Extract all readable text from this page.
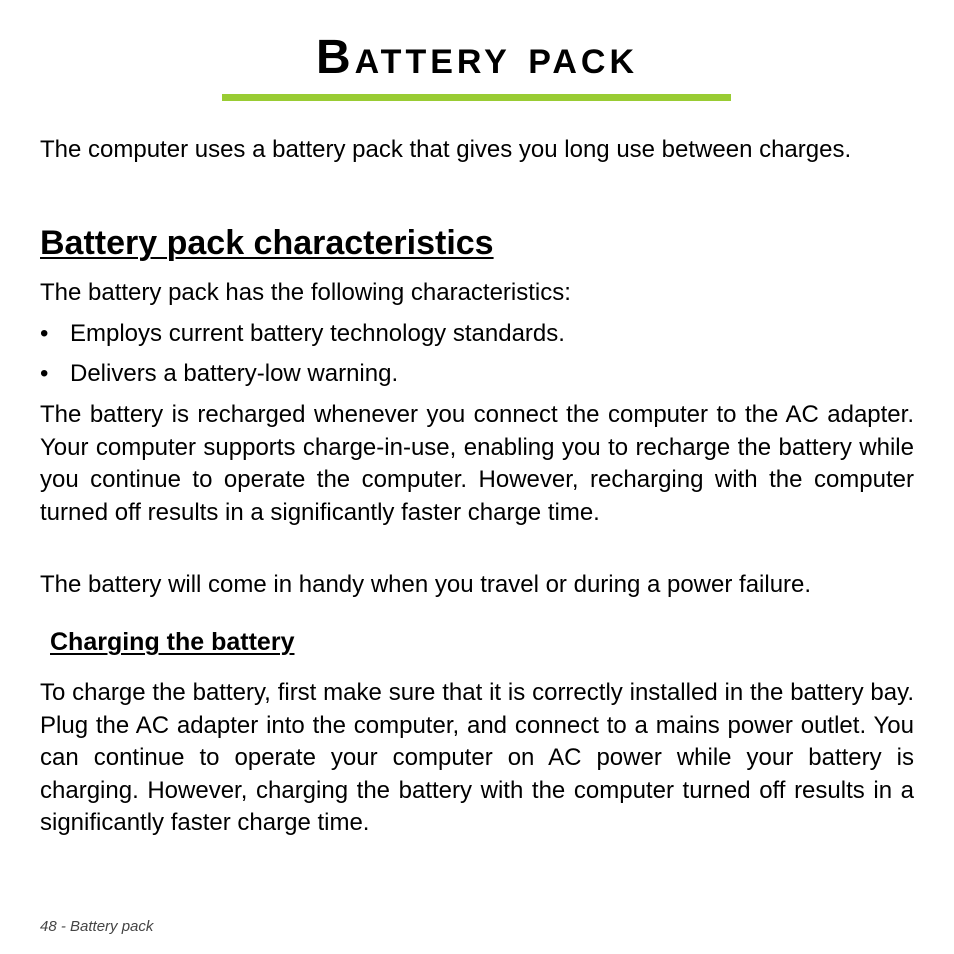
Battery pack

The computer uses a battery pack that gives you long use between charges.

Battery pack characteristics

The battery pack has the following characteristics:

• Employs current battery technology standards.
• Delivers a battery-low warning.

The battery is recharged whenever you connect the computer to the AC adapter. Your computer supports charge-in-use, enabling you to recharge the battery while you continue to operate the computer. However, recharging with the computer turned off results in a significantly faster charge time.

The battery will come in handy when you travel or during a power failure.

Charging the battery

To charge the battery, first make sure that it is correctly installed in the battery bay. Plug the AC adapter into the computer, and connect to a mains power outlet. You can continue to operate your computer on AC power while your battery is charging. However, charging the battery with the computer turned off results in a significantly faster charge time.

48 - Battery pack
